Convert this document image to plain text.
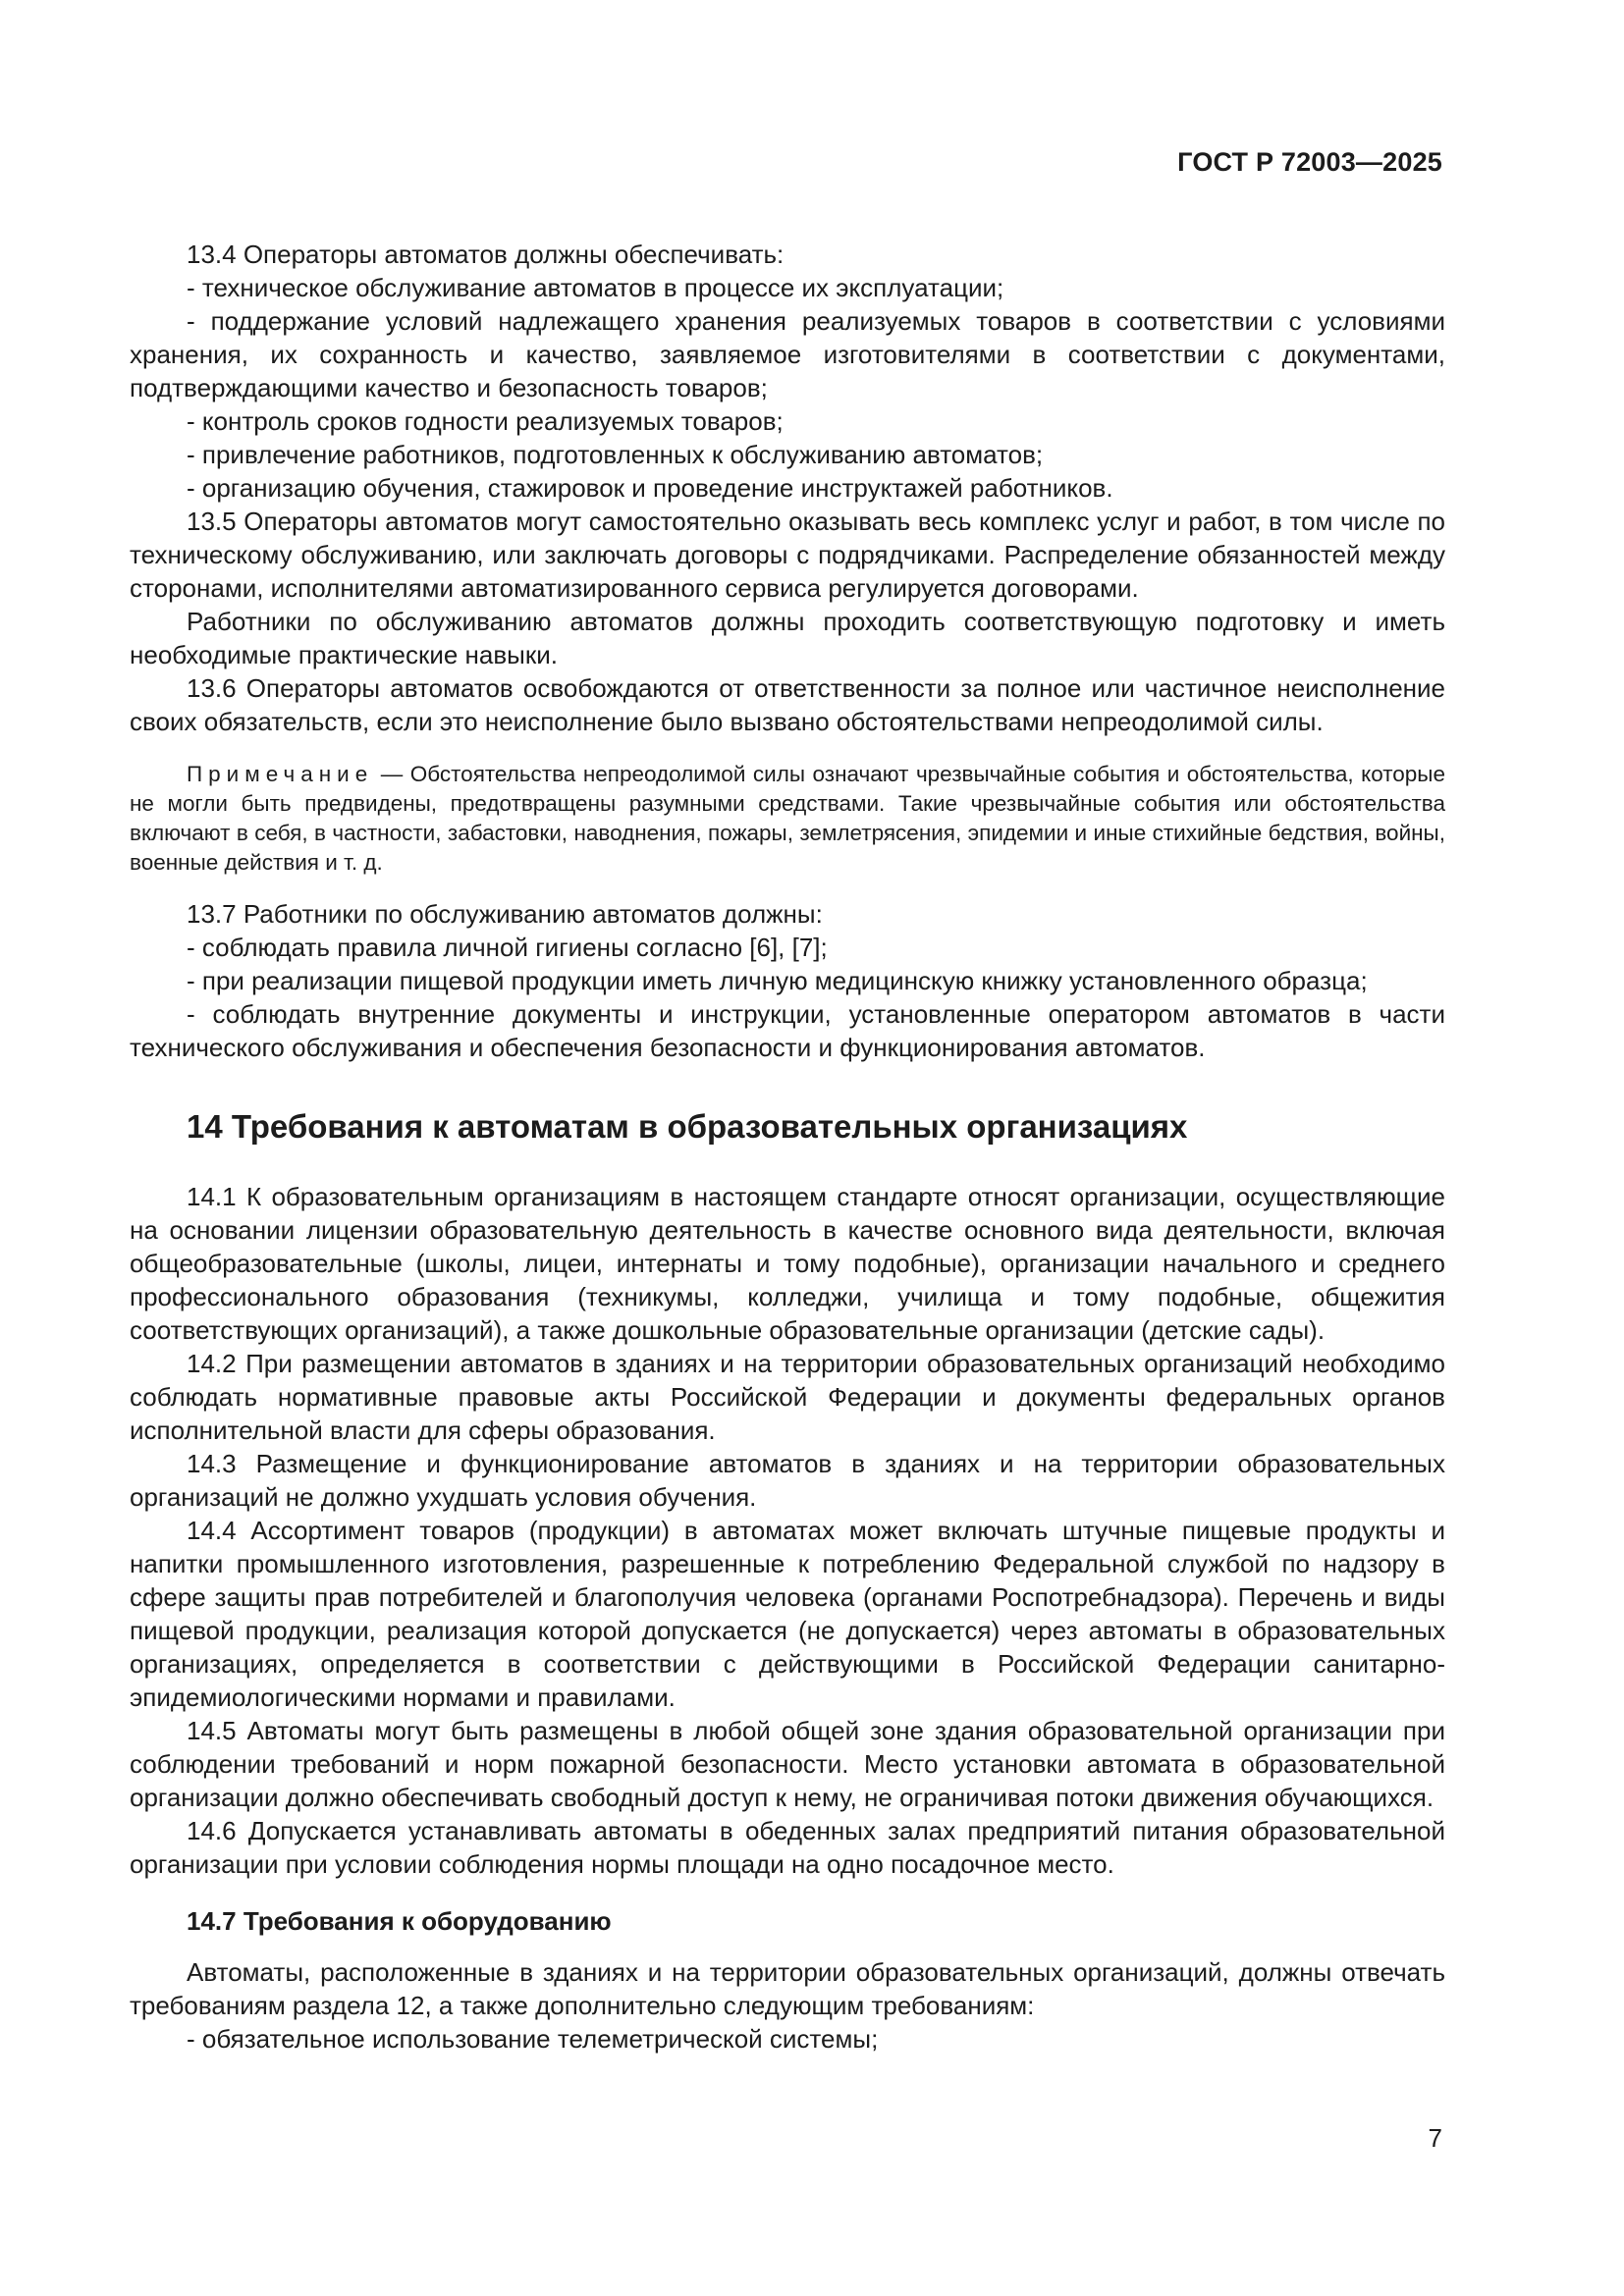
ГОСТ Р 72003—2025

13.4 Операторы автоматов должны обеспечивать:

- техническое обслуживание автоматов в процессе их эксплуатации;

- поддержание условий надлежащего хранения реализуемых товаров в соответствии с условиями хранения, их сохранность и качество, заявляемое изготовителями в соответствии с документами, подтверждающими качество и безопасность товаров;

- контроль сроков годности реализуемых товаров;

- привлечение работников, подготовленных к обслуживанию автоматов;

- организацию обучения, стажировок и проведение инструктажей работников.

13.5 Операторы автоматов могут самостоятельно оказывать весь комплекс услуг и работ, в том числе по техническому обслуживанию, или заключать договоры с подрядчиками. Распределение обязанностей между сторонами, исполнителями автоматизированного сервиса регулируется договорами.

Работники по обслуживанию автоматов должны проходить соответствующую подготовку и иметь необходимые практические навыки.

13.6 Операторы автоматов освобождаются от ответственности за полное или частичное неисполнение своих обязательств, если это неисполнение было вызвано обстоятельствами непреодолимой силы.

Примечание — Обстоятельства непреодолимой силы означают чрезвычайные события и обстоятельства, которые не могли быть предвидены, предотвращены разумными средствами. Такие чрезвычайные события или обстоятельства включают в себя, в частности, забастовки, наводнения, пожары, землетрясения, эпидемии и иные стихийные бедствия, войны, военные действия и т. д.

13.7 Работники по обслуживанию автоматов должны:

- соблюдать правила личной гигиены согласно [6], [7];

- при реализации пищевой продукции иметь личную медицинскую книжку установленного образца;

- соблюдать внутренние документы и инструкции, установленные оператором автоматов в части технического обслуживания и обеспечения безопасности и функционирования автоматов.

14 Требования к автоматам в образовательных организациях

14.1 К образовательным организациям в настоящем стандарте относят организации, осуществляющие на основании лицензии образовательную деятельность в качестве основного вида деятельности, включая общеобразовательные (школы, лицеи, интернаты и тому подобные), организации начального и среднего профессионального образования (техникумы, колледжи, училища и тому подобные, общежития соответствующих организаций), а также дошкольные образовательные организации (детские сады).

14.2 При размещении автоматов в зданиях и на территории образовательных организаций необходимо соблюдать нормативные правовые акты Российской Федерации и документы федеральных органов исполнительной власти для сферы образования.

14.3 Размещение и функционирование автоматов в зданиях и на территории образовательных организаций не должно ухудшать условия обучения.

14.4 Ассортимент товаров (продукции) в автоматах может включать штучные пищевые продукты и напитки промышленного изготовления, разрешенные к потреблению Федеральной службой по надзору в сфере защиты прав потребителей и благополучия человека (органами Роспотребнадзора). Перечень и виды пищевой продукции, реализация которой допускается (не допускается) через автоматы в образовательных организациях, определяется в соответствии с действующими в Российской Федерации санитарно-эпидемиологическими нормами и правилами.

14.5 Автоматы могут быть размещены в любой общей зоне здания образовательной организации при соблюдении требований и норм пожарной безопасности. Место установки автомата в образовательной организации должно обеспечивать свободный доступ к нему, не ограничивая потоки движения обучающихся.

14.6 Допускается устанавливать автоматы в обеденных залах предприятий питания образовательной организации при условии соблюдения нормы площади на одно посадочное место.

14.7 Требования к оборудованию

Автоматы, расположенные в зданиях и на территории образовательных организаций, должны отвечать требованиям раздела 12, а также дополнительно следующим требованиям:

- обязательное использование телеметрической системы;

7
